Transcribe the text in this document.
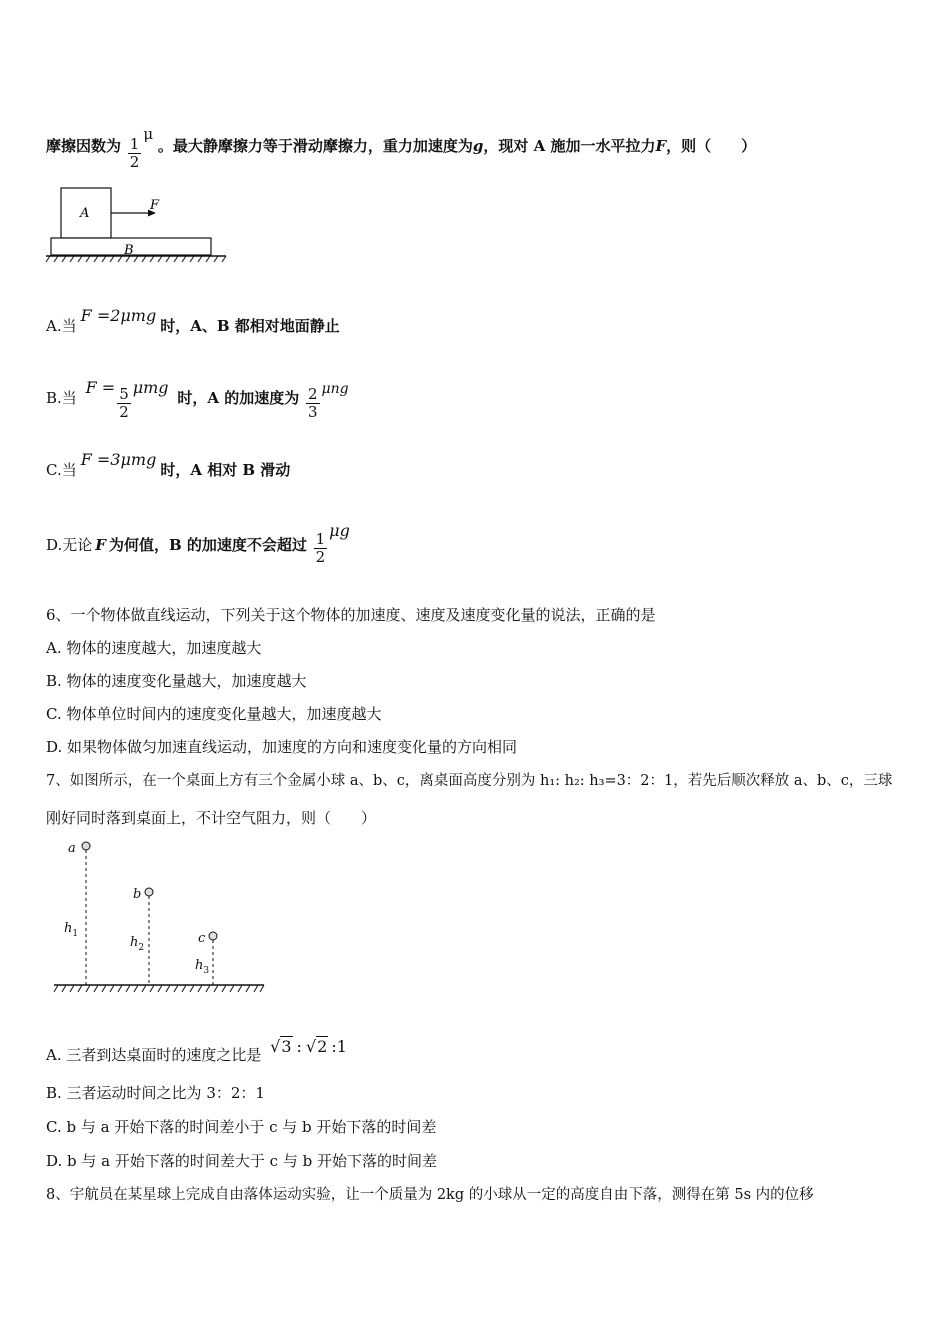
摩擦因数为 $\frac{1}{2}$
μ 。最大静摩擦力等于滑动摩擦力，重力加速度为g，现对 A 施加一水平拉力F，则（　　）
A
F
B
A.当F =2μmg时，A、B 都相对地面静止
B.当 $F = \frac{5}{2}$ μmg 时，A 的加速度为 $\frac{2}{3}$ μng
C.当F =3μmg时，A 相对 B 滑动
D.无论 F 为何值，B 的加速度不会超过 $\frac{1}{2}$
μg
6、一个物体做直线运动，下列关于这个物体的加速度、速度及速度变化量的说法，正确的是
A. 物体的速度越大，加速度越大
B. 物体的速度变化量越大，加速度越大
C. 物体单位时间内的速度变化量越大，加速度越大
D. 如果物体做匀加速直线运动，加速度的方向和速度变化量的方向相同
7、如图所示，在一个桌面上方有三个金属小球 a、b、c，离桌面高度分别为 h₁: h₂: h₃=3：2：1，若先后顺次释放 a、b、c，三球
刚好同时落到桌面上，不计空气阻力，则（　　）
a
b
c
$h_1$
$h_2$
$h_3$
A. 三者到达桌面时的速度之比是 √3 : √2 :1
B. 三者运动时间之比为 3：2：1
C. b 与 a 开始下落的时间差小于 c 与 b 开始下落的时间差
D. b 与 a 开始下落的时间差大于 c 与 b 开始下落的时间差
8、宇航员在某星球上完成自由落体运动实验，让一个质量为 2kg 的小球从一定的高度自由下落，测得在第 5s 内的位移
